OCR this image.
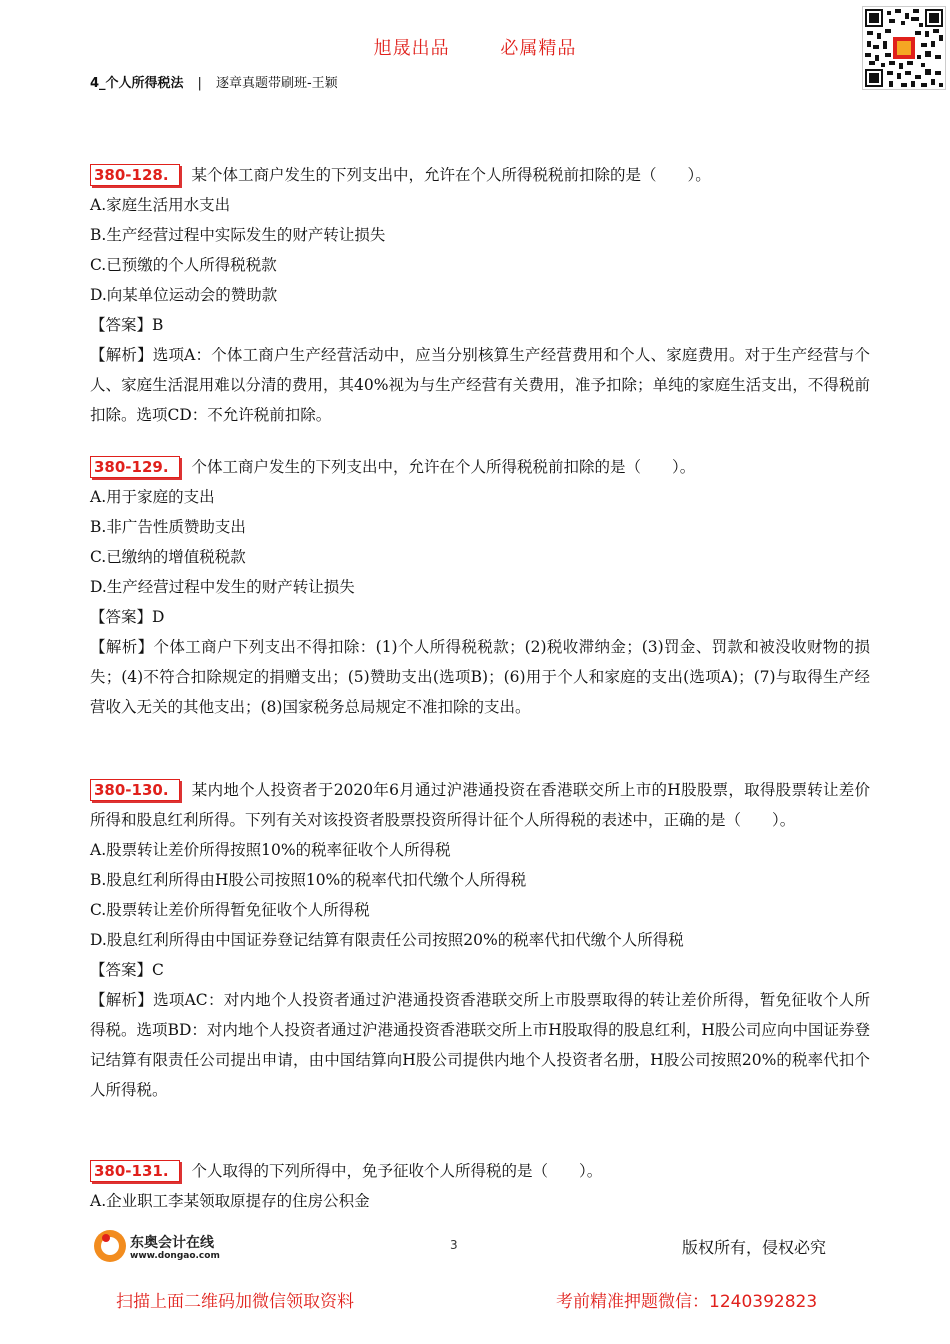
旭晟出品	必属精品
4_个人所得税法 | 逐章真题带刷班-王颖

380-128. 某个体工商户发生的下列支出中，允许在个人所得税税前扣除的是（　　）。

A.家庭生活用水支出

B.生产经营过程中实际发生的财产转让损失

C.已预缴的个人所得税税款

D.向某单位运动会的赞助款

【答案】B

【解析】选项A：个体工商户生产经营活动中，应当分别核算生产经营费用和个人、家庭费用。对于生产经营与个人、家庭生活混用难以分清的费用，其40%视为与生产经营有关费用，准予扣除；单纯的家庭生活支出，不得税前扣除。选项CD：不允许税前扣除。

380-129. 个体工商户发生的下列支出中，允许在个人所得税税前扣除的是（　　）。

A.用于家庭的支出

B.非广告性质赞助支出

C.已缴纳的增值税税款

D.生产经营过程中发生的财产转让损失

【答案】D

【解析】个体工商户下列支出不得扣除：(1)个人所得税税款；(2)税收滞纳金；(3)罚金、罚款和被没收财物的损失；(4)不符合扣除规定的捐赠支出；(5)赞助支出(选项B)；(6)用于个人和家庭的支出(选项A)；(7)与取得生产经营收入无关的其他支出；(8)国家税务总局规定不准扣除的支出。

380-130. 某内地个人投资者于2020年6月通过沪港通投资在香港联交所上市的H股股票，取得股票转让差价所得和股息红利所得。下列有关对该投资者股票投资所得计征个人所得税的表述中，正确的是（　　）。

A.股票转让差价所得按照10%的税率征收个人所得税

B.股息红利所得由H股公司按照10%的税率代扣代缴个人所得税

C.股票转让差价所得暂免征收个人所得税

D.股息红利所得由中国证券登记结算有限责任公司按照20%的税率代扣代缴个人所得税

【答案】C

【解析】选项AC：对内地个人投资者通过沪港通投资香港联交所上市股票取得的转让差价所得，暂免征收个人所得税。选项BD：对内地个人投资者通过沪港通投资香港联交所上市H股取得的股息红利，H股公司应向中国证券登记结算有限责任公司提出申请，由中国结算向H股公司提供内地个人投资者名册，H股公司按照20%的税率代扣个人所得税。

380-131. 个人取得的下列所得中，免予征收个人所得税的是（　　）。

A.企业职工李某领取原提存的住房公积金

东奥会计在线
www.dongao.com
3	版权所有，侵权必究
扫描上面二维码加微信领取资料	考前精准押题微信：1240392823
